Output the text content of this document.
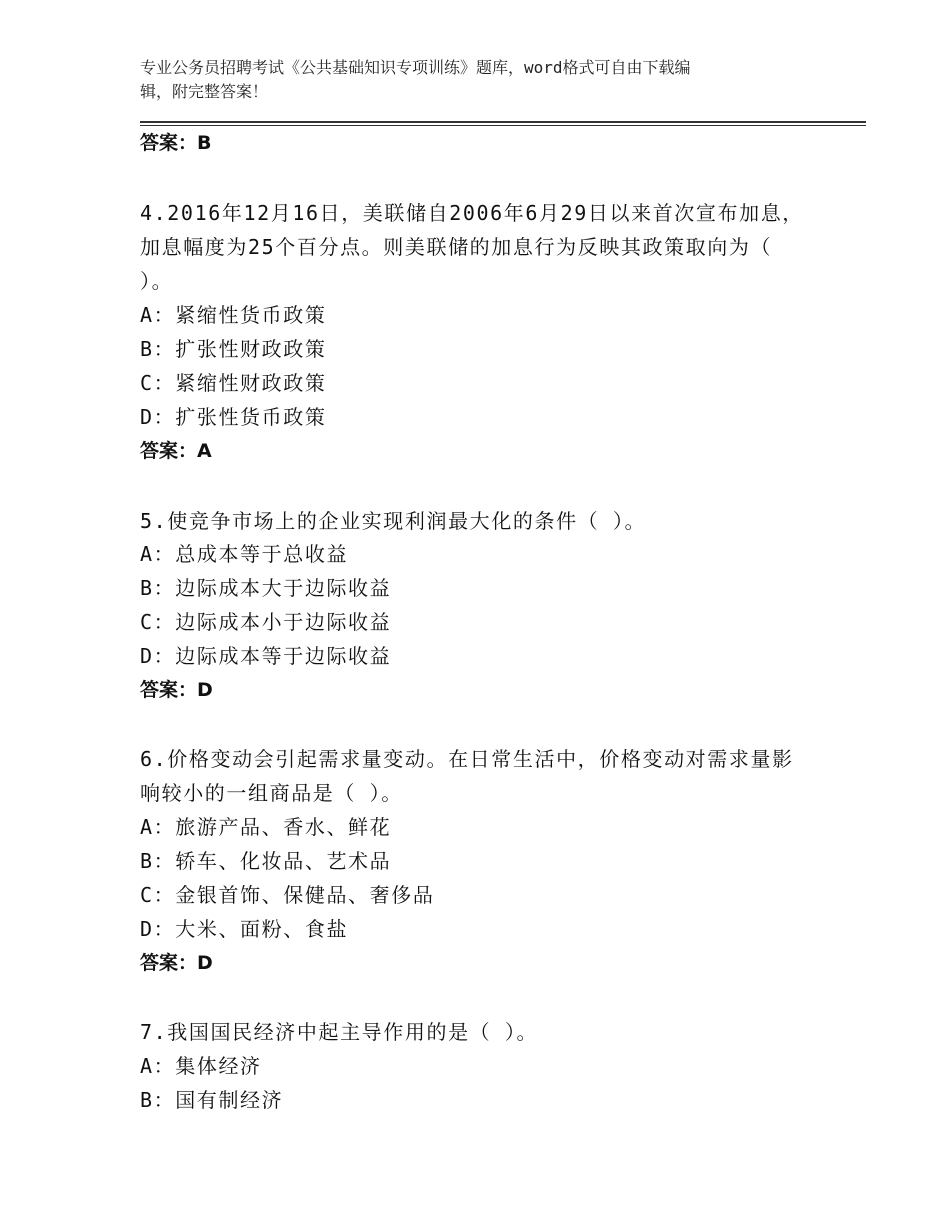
专业公务员招聘考试《公共基础知识专项训练》题库，word格式可自由下载编
辑，附完整答案！
答案：B
4.2016年12月16日，美联储自2006年6月29日以来首次宣布加息，
加息幅度为25个百分点。则美联储的加息行为反映其政策取向为（
）。
A：紧缩性货币政策
B：扩张性财政政策
C：紧缩性财政政策
D：扩张性货币政策
答案：A
5.使竞争市场上的企业实现利润最大化的条件（ ）。
A：总成本等于总收益
B：边际成本大于边际收益
C：边际成本小于边际收益
D：边际成本等于边际收益
答案：D
6.价格变动会引起需求量变动。在日常生活中，价格变动对需求量影
响较小的一组商品是（ ）。
A：旅游产品、香水、鲜花
B：轿车、化妆品、艺术品
C：金银首饰、保健品、奢侈品
D：大米、面粉、食盐
答案：D
7.我国国民经济中起主导作用的是（ ）。
A：集体经济
B：国有制经济
